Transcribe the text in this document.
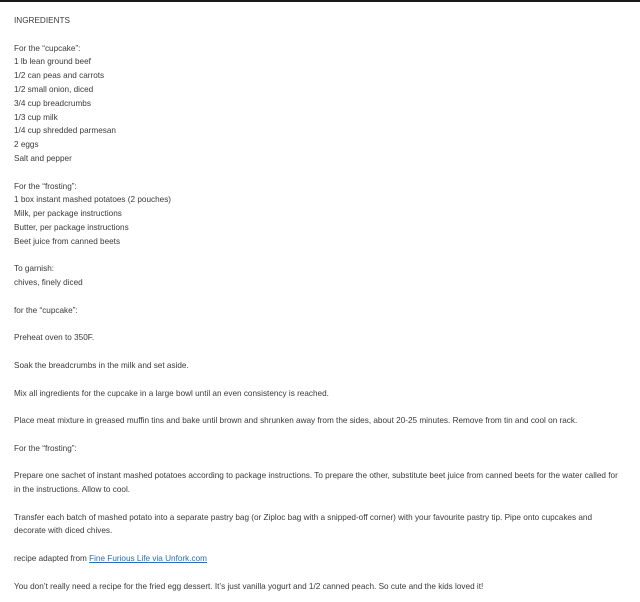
INGREDIENTS
For the “cupcake”:
1 lb lean ground beef
1/2 can peas and carrots
1/2 small onion, diced
3/4 cup breadcrumbs
1/3 cup milk
1/4 cup shredded parmesan
2 eggs
Salt and pepper
For the “frosting”:
1 box instant mashed potatoes (2 pouches)
Milk, per package instructions
Butter, per package instructions
Beet juice from canned beets
To garnish:
chives, finely diced
for the “cupcake”:
Preheat oven to 350F.
Soak the breadcrumbs in the milk and set aside.
Mix all ingredients for the cupcake in a large bowl until an even consistency is reached.
Place meat mixture in greased muffin tins and bake until brown and shrunken away from the sides, about 20-25 minutes. Remove from tin and cool on rack.
For the “frosting”:
Prepare one sachet of instant mashed potatoes according to package instructions. To prepare the other, substitute beet juice from canned beets for the water called for in the instructions. Allow to cool.
Transfer each batch of mashed potato into a separate pastry bag (or Ziploc bag with a snipped-off corner) with your favourite pastry tip. Pipe onto cupcakes and decorate with diced chives.
recipe adapted from Fine Furious Life via Unfork.com
You don’t really need a recipe for the fried egg dessert. It’s just vanilla yogurt and 1/2 canned peach. So cute and the kids loved it!
